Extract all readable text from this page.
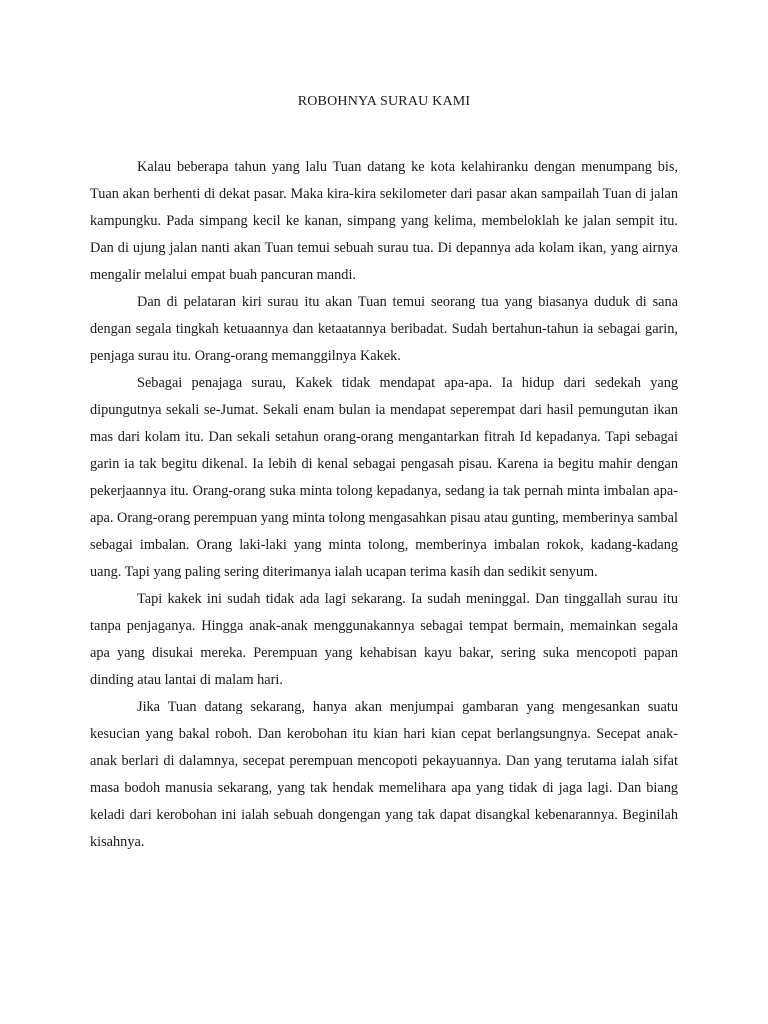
ROBOHNYA SURAU KAMI

Kalau beberapa tahun yang lalu Tuan datang ke kota kelahiranku dengan menumpang bis, Tuan akan berhenti di dekat pasar. Maka kira-kira sekilometer dari pasar akan sampailah Tuan di jalan kampungku. Pada simpang kecil ke kanan, simpang yang kelima, membeloklah ke jalan sempit itu. Dan di ujung jalan nanti akan Tuan temui sebuah surau tua. Di depannya ada kolam ikan, yang airnya mengalir melalui empat buah pancuran mandi.

Dan di pelataran kiri surau itu akan Tuan temui seorang tua yang biasanya duduk di sana dengan segala tingkah ketuaannya dan ketaatannya beribadat. Sudah bertahun-tahun ia sebagai garin, penjaga surau itu. Orang-orang memanggilnya Kakek.

Sebagai penajaga surau, Kakek tidak mendapat apa-apa. Ia hidup dari sedekah yang dipungutnya sekali se-Jumat. Sekali enam bulan ia mendapat seperempat dari hasil pemungutan ikan mas dari kolam itu. Dan sekali setahun orang-orang mengantarkan fitrah Id kepadanya. Tapi sebagai garin ia tak begitu dikenal. Ia lebih di kenal sebagai pengasah pisau. Karena ia begitu mahir dengan pekerjaannya itu. Orang-orang suka minta tolong kepadanya, sedang ia tak pernah minta imbalan apa-apa. Orang-orang perempuan yang minta tolong mengasahkan pisau atau gunting, memberinya sambal sebagai imbalan. Orang laki-laki yang minta tolong, memberinya imbalan rokok, kadang-kadang uang. Tapi yang paling sering diterimanya ialah ucapan terima kasih dan sedikit senyum.

Tapi kakek ini sudah tidak ada lagi sekarang. Ia sudah meninggal. Dan tinggallah surau itu tanpa penjaganya. Hingga anak-anak menggunakannya sebagai tempat bermain, memainkan segala apa yang disukai mereka. Perempuan yang kehabisan kayu bakar, sering suka mencopoti papan dinding atau lantai di malam hari.

Jika Tuan datang sekarang, hanya akan menjumpai gambaran yang mengesankan suatu kesucian yang bakal roboh. Dan kerobohan itu kian hari kian cepat berlangsungnya. Secepat anak-anak berlari di dalamnya, secepat perempuan mencopoti pekayuannya. Dan yang terutama ialah sifat masa bodoh manusia sekarang, yang tak hendak memelihara apa yang tidak di jaga lagi. Dan biang keladi dari kerobohan ini ialah sebuah dongengan yang tak dapat disangkal kebenarannya. Beginilah kisahnya.
